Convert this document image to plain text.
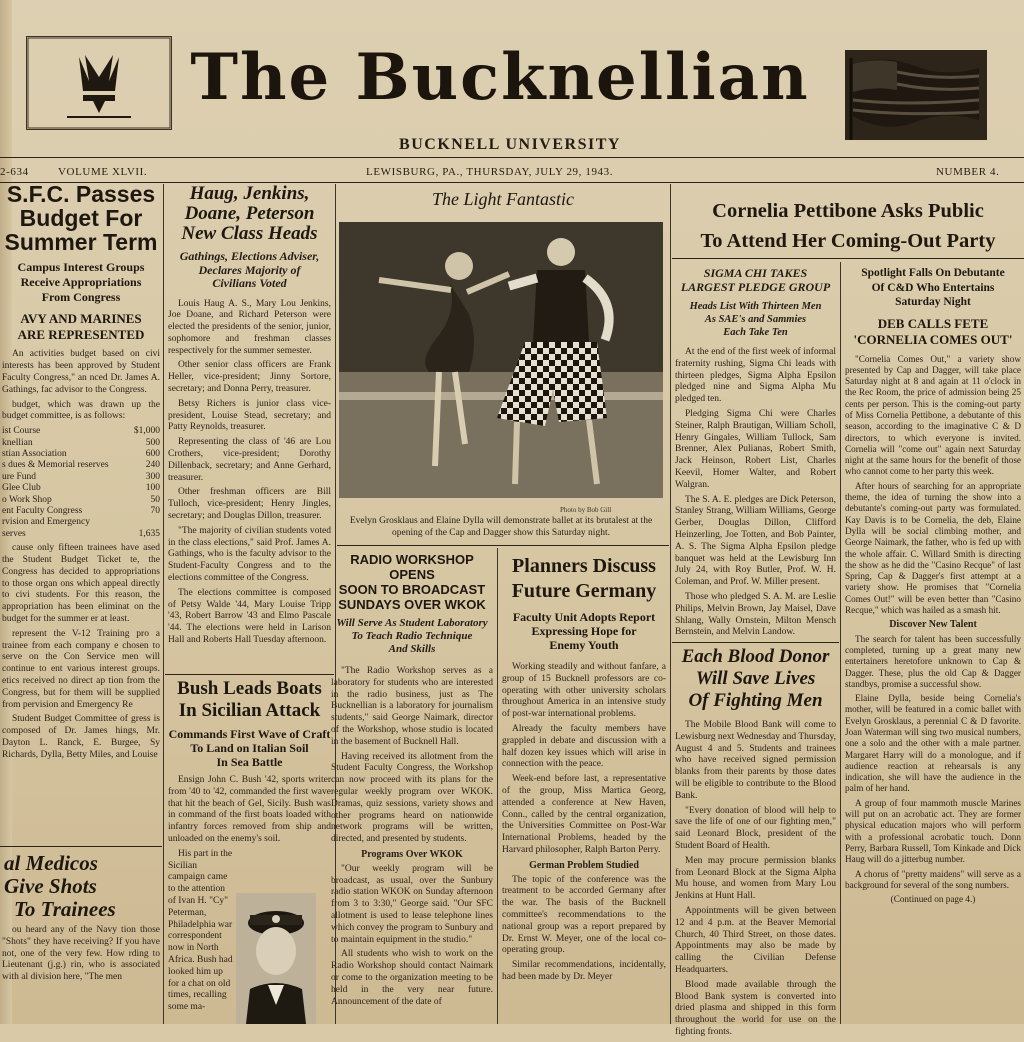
The Bucknellian
BUCKNELL UNIVERSITY
2-634	VOLUME XLVII.	LEWISBURG, PA., THURSDAY, JULY 29, 1943.	NUMBER 4.
S.F.C. Passes
Budget For
Summer Term
Campus Interest Groups
Receive Appropriations
From Congress
AVY AND MARINES
ARE REPRESENTED

An activities budget based on civi interests has been approved by Student Faculty Congress," an nced Dr. James A. Gathings, fac advisor to the Congress.

budget, which was drawn up the budget committee, is as follows:

ist Course	$1,000
knellian	500
stian Association	600
s dues & Memorial reserves	240
ure Fund	300
Glee Club	100
o Work Shop	50
ent Faculty Congress	70
rvision and Emergency
serves	1,635

cause only fifteen trainees have ased the Student Budget Ticket te, the Congress has decided to appropriations to those organ ons which appeal directly to civi students. For this reason, the appropriation has been eliminat on the budget for the summer er at least.

represent the V-12 Training pro a trainee from each company e chosen to serve on the Con Service men will continue to ent various interest groups. etics received no direct ap tion from the Congress, but for them will be supplied from pervision and Emergency Re

Student Budget Committee of gress is composed of Dr. James hings, Mr. Dayton L. Ranck, E. Burgee, Sy Richards, Dylla, Betty Miles, and Louise

al Medicos
Give Shots
To Trainees

ou heard any of the Navy tion those "Shots" they have receiving? If you have not, one of the very few. How rding to Lieutenant (j.g.) rin, who is associated with al division here, "The men

Haug, Jenkins,
Doane, Peterson
New Class Heads
Gathings, Elections Adviser,
Declares Majority of
Civilians Voted

Louis Haug A. S., Mary Lou Jenkins, Joe Doane, and Richard Peterson were elected the presidents of the senior, junior, sophomore and freshman classes respectively for the summer semester.

Other senior class officers are Frank Heller, vice-president; Jinny Sortore, secretary; and Donna Perry, treasurer.

Betsy Richers is junior class vice-president, Louise Stead, secretary; and Patty Reynolds, treasurer.

Representing the class of '46 are Lou Crothers, vice-president; Dorothy Dillenback, secretary; and Anne Gerhard, treasurer.

Other freshman officers are Bill Tulloch, vice-president; Henry Jingles, secretary; and Douglas Dillon, treasurer.

"The majority of civilian students voted in the class elections," said Prof. James A. Gathings, who is the faculty advisor to the Student-Faculty Congress and to the elections committee of the Congress.

The elections committee is composed of Petsy Walde '44, Mary Louise Tripp '43, Robert Barrow '43 and Elmo Pascale '44. The elections were held in Larison Hall and Roberts Hall Tuesday afternoon.

Bush Leads Boats
In Sicilian Attack
Commands First Wave of Craft
To Land on Italian Soil
In Sea Battle

Ensign John C. Bush '42, sports writer from '40 to '42, commanded the first wave that hit the beach of Gel, Sicily. Bush was in command of the first boats loaded with infantry forces removed from ship and unloaded on the enemy's soil.

His part in the Sicilian campaign came to the attention of Ivan H. "Cy" Peterman, Philadelphia war correspondent now in North Africa. Bush had looked him up for a chat on old times, recalling some ma-

The Light Fantastic
Photo by Bob Gill
Evelyn Grosklaus and Elaine Dylla will demonstrate ballet at its brutalest at the opening of the Cap and Dagger show this Saturday night.
RADIO WORKSHOP OPENS
SOON TO BROADCAST
SUNDAYS OVER WKOK
Will Serve As Student Laboratory
To Teach Radio Technique
And Skills

"The Radio Workshop serves as a laboratory for students who are interested in the radio business, just as The Bucknellian is a laboratory for journalism students," said George Naimark, director of the Workshop, whose studio is located in the basement of Bucknell Hall.

Having received its allotment from the Student Faculty Congress, the Workshop can now proceed with its plans for the regular weekly program over WKOK. Dramas, quiz sessions, variety shows and other programs heard on nationwide network programs will be written, directed, and presented by students.

Programs Over WKOK

"Our weekly program will be broadcast, as usual, over the Sunbury radio station WKOK on Sunday afternoon from 3 to 3:30," George said. "Our SFC allotment is used to lease telephone lines which convey the program to Sunbury and to maintain equipment in the studio."

All students who wish to work on the Radio Workshop should contact Naimark or come to the organization meeting to be held in the very near future. Announcement of the date of

Planners Discuss
Future Germany
Faculty Unit Adopts Report
Expressing Hope for
Enemy Youth

Working steadily and without fanfare, a group of 15 Bucknell professors are co-operating with other university scholars throughout America in an intensive study of post-war international problems.

Already the faculty members have grappled in debate and discussion with a half dozen key issues which will arise in connection with the peace.

Week-end before last, a representative of the group, Miss Martica Georg, attended a conference at New Haven, Conn., called by the central organization, the Universities Committee on Post-War International Problems, headed by the Harvard philosopher, Ralph Barton Perry.

German Problem Studied

The topic of the conference was the treatment to be accorded Germany after the war. The basis of the Bucknell committee's recommendations to the national group was a report prepared by Dr. Ernst W. Meyer, one of the local co-operating group.

Similar recommendations, incidentally, had been made by Dr. Meyer

Cornelia Pettibone Asks Public
To Attend Her Coming-Out Party
Spotlight Falls On Debutante
Of C&D Who Entertains
Saturday Night
DEB CALLS FETE
'CORNELIA COMES OUT'

"Cornelia Comes Out," a variety show presented by Cap and Dagger, will take place Saturday night at 8 and again at 11 o'clock in the Rec Room, the price of admission being 25 cents per person. This is the coming-out party of Miss Cornelia Pettibone, a debutante of this season, according to the imaginative C & D directors, to which everyone is invited. Cornelia will "come out" again next Saturday night at the same hours for the benefit of those who cannot come to her party this week.

After hours of searching for an appropriate theme, the idea of turning the show into a debutante's coming-out party was formulated. Kay Davis is to be Cornelia, the deb, Elaine Dylla will be social climbing mother, and George Naimark, the father, who is fed up with the whole affair. C. Willard Smith is directing the show as he did the "Casino Recque" of last Spring, Cap & Dagger's first attempt at a variety show. He promises that "Cornelia Comes Out!" will be even better than "Casino Recque," which was hailed as a smash hit.

Discover New Talent

The search for talent has been successfully completed, turning up a great many new entertainers heretofore unknown to Cap & Dagger. These, plus the old Cap & Dagger standbys, promise a successful show.

Elaine Dylla, beside being Cornelia's mother, will be featured in a comic ballet with Evelyn Grosklaus, a perennial C & D favorite. Joan Waterman will sing two musical numbers, one a solo and the other with a male partner. Margaret Harry will do a monologue, and if audience reaction at rehearsals is any indication, she will have the audience in the palm of her hand.

A group of four mammoth muscle Marines will put on an acrobatic act. They are former physical education majors who will perform with a professional acrobatic touch. Donn Perry, Barbara Russell, Tom Kinkade and Dick Haug will do a jitterbug number.

A chorus of "pretty maidens" will serve as a background for several of the song numbers.

(Continued on page 4.)
SIGMA CHI TAKES
LARGEST PLEDGE GROUP
Heads List With Thirteen Men
As SAE's and Sammies
Each Take Ten

At the end of the first week of informal fraternity rushing, Sigma Chi leads with thirteen pledges, Sigma Alpha Epsilon pledged nine and Sigma Alpha Mu pledged ten.

Pledging Sigma Chi were Charles Steiner, Ralph Brautigan, William Scholl, Henry Gingales, William Tullock, Sam Brenner, Alex Pulianas, Robert Smith, Jack Heinson, Robert List, Charles Keevil, Homer Walter, and Robert Walgran.

The S. A. E. pledges are Dick Peterson, Stanley Strang, William Williams, George Gerber, Douglas Dillon, Clifford Heinzerling, Joe Totten, and Bob Painter, A. S. The Sigma Alpha Epsilon pledge banquet was held at the Lewisburg Inn July 24, with Roy Butler, Prof. W. H. Coleman, and Prof. W. Miller present.

Those who pledged S. A. M. are Leslie Philips, Melvin Brown, Jay Maisel, Dave Shlang, Wally Ornstein, Milton Mensch Bernstein, and Melvin Landow.

Each Blood Donor
Will Save Lives
Of Fighting Men

The Mobile Blood Bank will come to Lewisburg next Wednesday and Thursday, August 4 and 5. Students and trainees who have received signed permission blanks from their parents by those dates will be eligible to contribute to the Blood Bank.

"Every donation of blood will help to save the life of one of our fighting men," said Leonard Block, president of the Student Board of Health.

Men may procure permission blanks from Leonard Block at the Sigma Alpha Mu house, and women from Mary Lou Jenkins at Hunt Hall.

Appointments will be given between 12 and 4 p.m. at the Beaver Memorial Church, 40 Third Street, on those dates. Appointments may also be made by calling the Civilian Defense Headquarters.

Blood made available through the Blood Bank system is converted into dried plasma and shipped in this form throughout the world for use on the fighting fronts.
